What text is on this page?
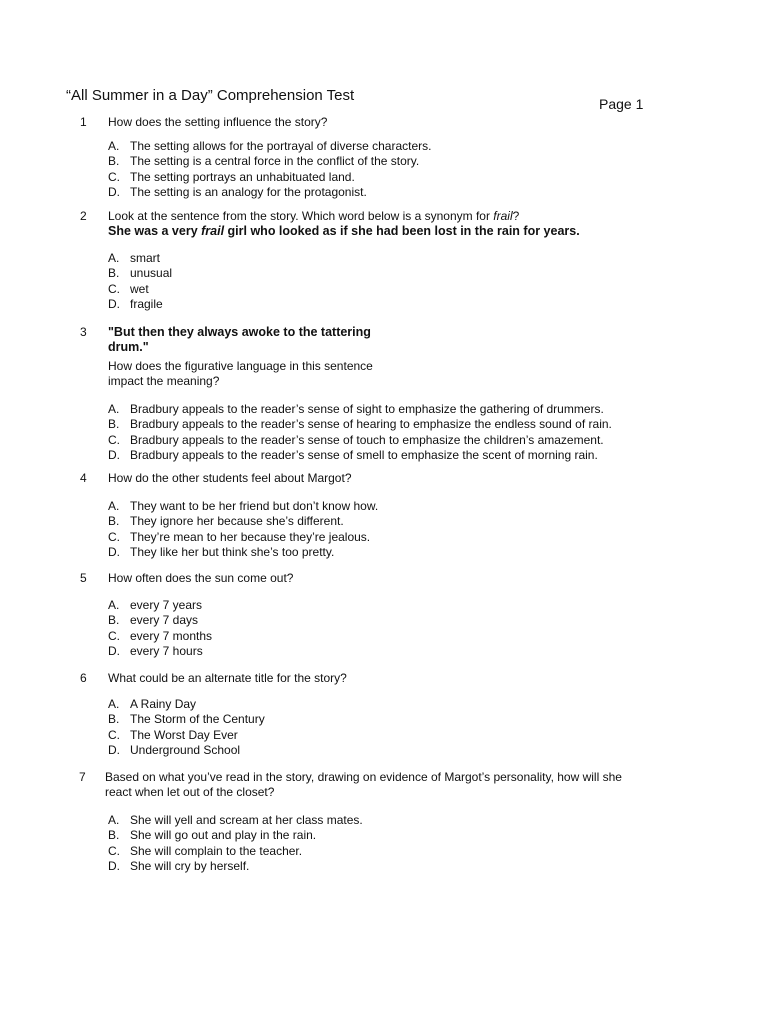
“All Summer in a Day” Comprehension Test	Page 1
1 How does the setting influence the story?
A. The setting allows for the portrayal of diverse characters.
B. The setting is a central force in the conflict of the story.
C. The setting portrays an unhabituated land.
D. The setting is an analogy for the protagonist.
2 Look at the sentence from the story. Which word below is a synonym for frail?
She was a very frail girl who looked as if she had been lost in the rain for years.
A. smart
B. unusual
C. wet
D. fragile
3 "But then they always awoke to the tattering drum."
How does the figurative language in this sentence impact the meaning?
A. Bradbury appeals to the reader’s sense of sight to emphasize the gathering of drummers.
B. Bradbury appeals to the reader’s sense of hearing to emphasize the endless sound of rain.
C. Bradbury appeals to the reader’s sense of touch to emphasize the children’s amazement.
D. Bradbury appeals to the reader’s sense of smell to emphasize the scent of morning rain.
4 How do the other students feel about Margot?
A. They want to be her friend but don’t know how.
B. They ignore her because she’s different.
C. They’re mean to her because they’re jealous.
D. They like her but think she’s too pretty.
5 How often does the sun come out?
A. every 7 years
B. every 7 days
C. every 7 months
D. every 7 hours
6 What could be an alternate title for the story?
A. A Rainy Day
B. The Storm of the Century
C. The Worst Day Ever
D. Underground School
7 Based on what you’ve read in the story, drawing on evidence of Margot’s personality, how will she react when let out of the closet?
A. She will yell and scream at her class mates.
B. She will go out and play in the rain.
C. She will complain to the teacher.
D. She will cry by herself.
